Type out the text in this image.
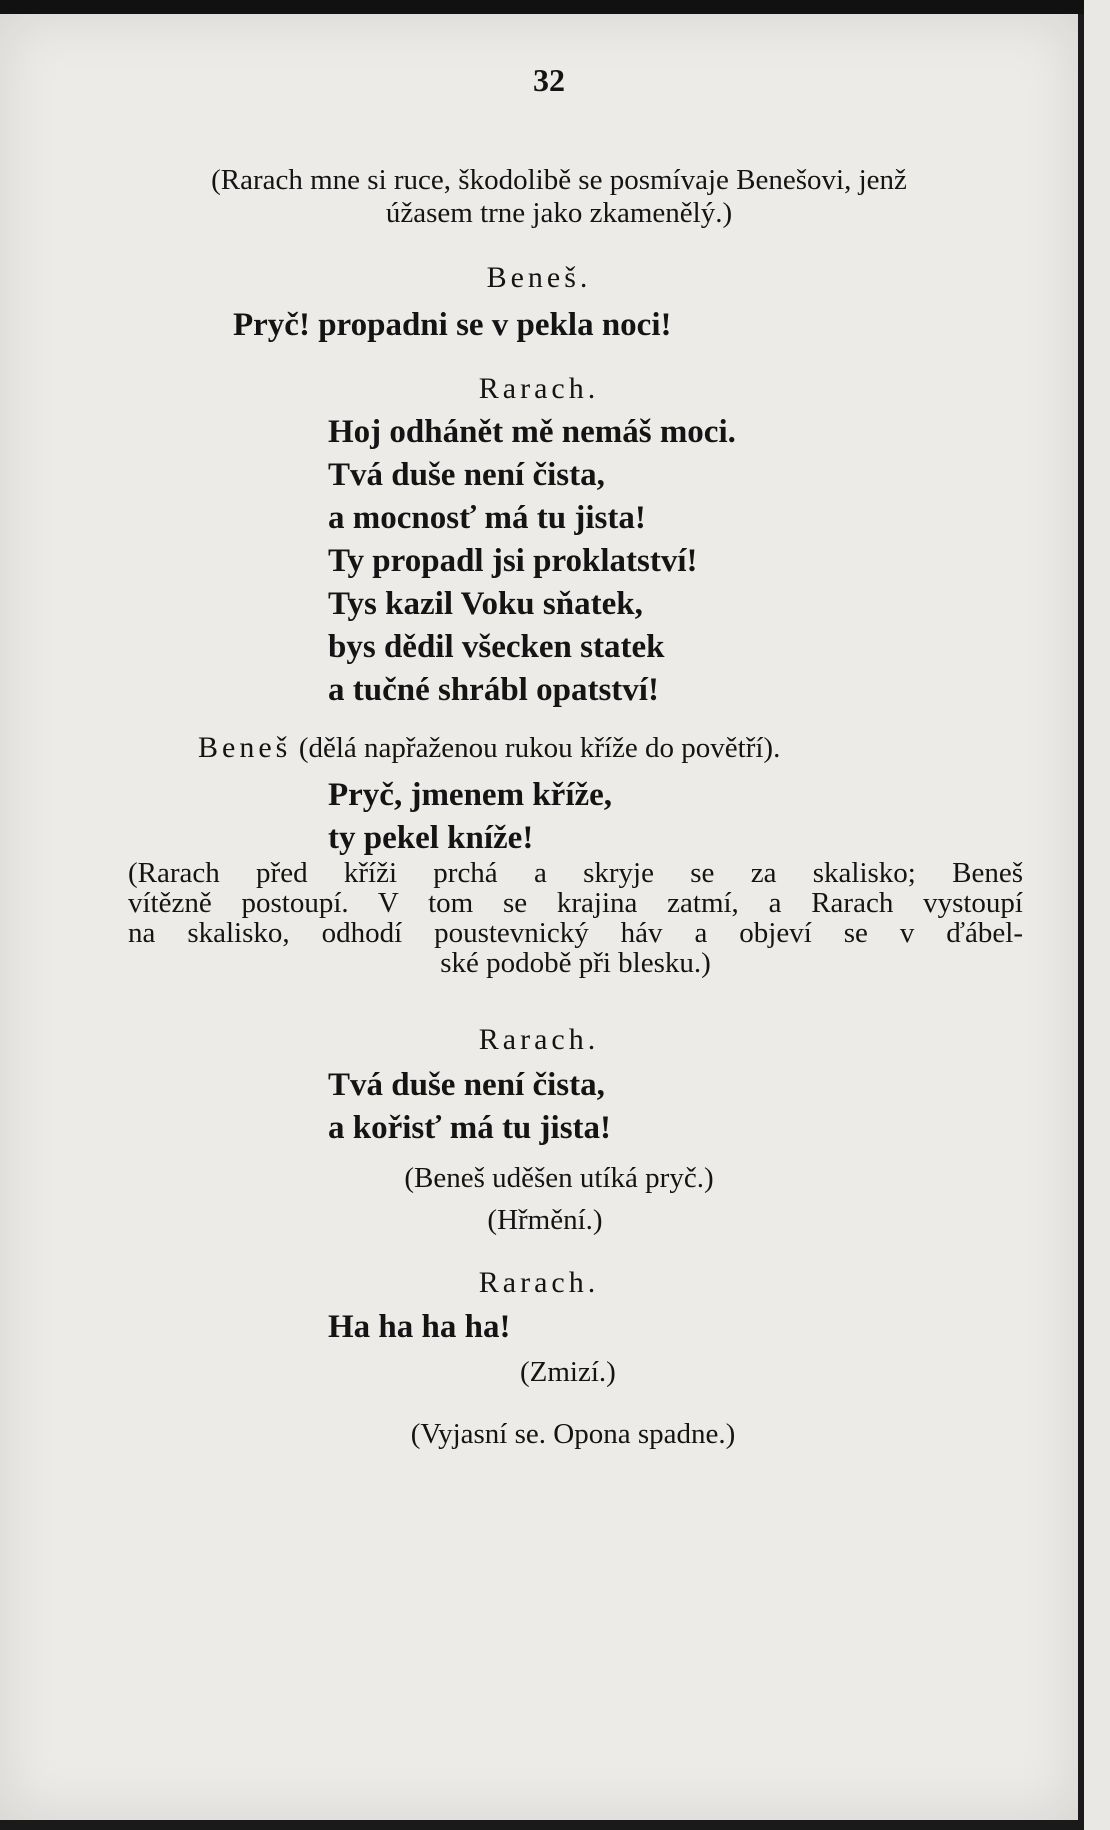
32
(Rarach mne si ruce, škodolibě se posmívaje Benešovi, jenž
úžasem trne jako zkamenělý.)
Beneš.
Pryč! propadni se v pekla noci!
Rarach.
Hoj odhánět mě nemáš moci.
Tvá duše není čista,
a mocnosť má tu jista!
Ty propadl jsi proklatství!
Tys kazil Voku sňatek,
bys dědil všecken statek
a tučné shrábl opatství!
Beneš (dělá napřaženou rukou kříže do povětří).
Pryč, jmenem kříže,
ty pekel kníže!
(Rarach před kříži prchá a skryje se za skalisko; Beneš
vítězně postoupí. V tom se krajina zatmí, a Rarach vystoupí
na skalisko, odhodí poustevnický háv a objeví se v ďábel-
ské podobě při blesku.)
Rarach.
Tvá duše není čista,
a kořisť má tu jista!
(Beneš uděšen utíká pryč.)
(Hřmění.)
Rarach.
Ha ha ha ha!
(Zmizí.)
(Vyjasní se. Opona spadne.)
